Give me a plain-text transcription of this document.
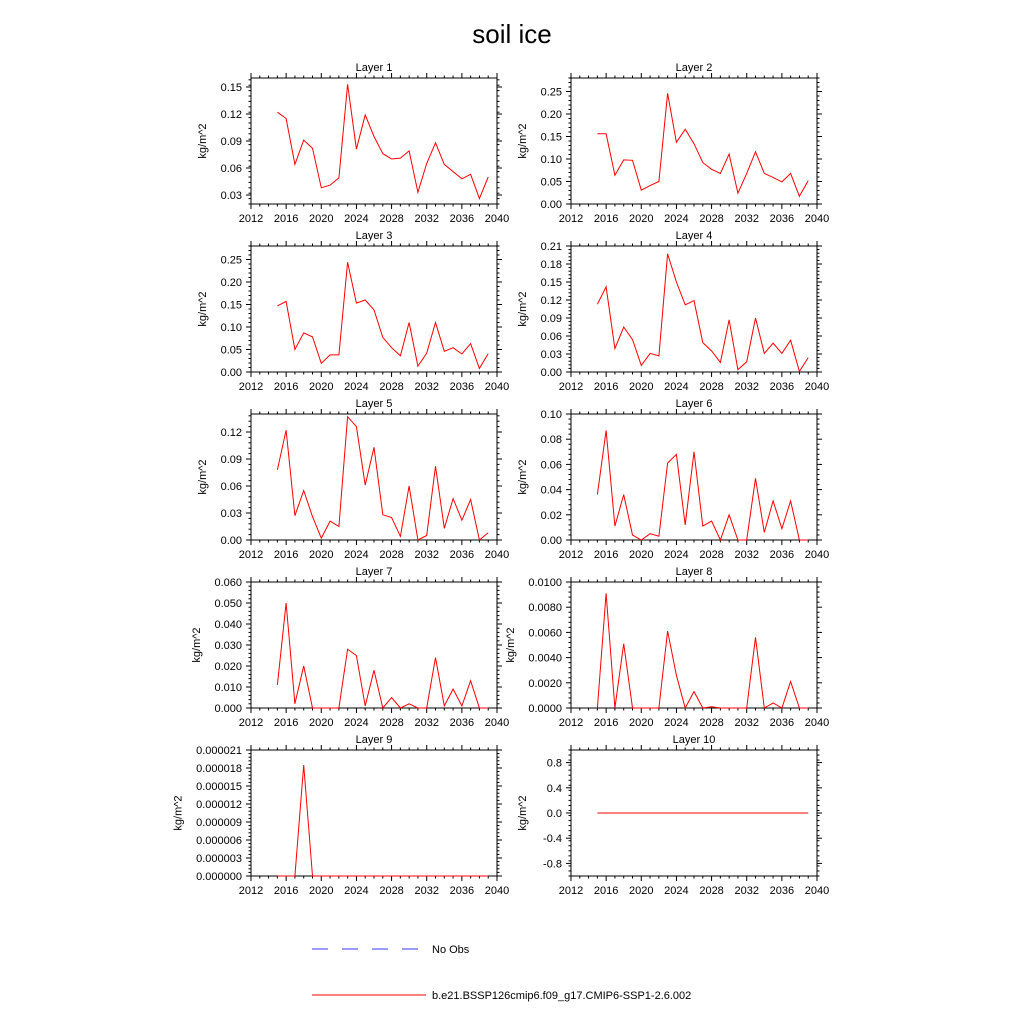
soil ice
Layer 1
2012 2016 2020 2024 2028 2032 2036 2040
0.03
0.06
0.09
0.12
0.15
kg/m^2
Layer 2
2012 2016 2020 2024 2028 2032 2036 2040
0.00
0.05
0.10
0.15
0.20
0.25
kg/m^2
Layer 3
2012 2016 2020 2024 2028 2032 2036 2040
0.00
0.05
0.10
0.15
0.20
0.25
kg/m^2
Layer 4
2012 2016 2020 2024 2028 2032 2036 2040
0.00
0.03
0.06
0.09
0.12
0.15
0.18
0.21
kg/m^2
Layer 5
2012 2016 2020 2024 2028 2032 2036 2040
0.00
0.03
0.06
0.09
0.12
kg/m^2
Layer 6
2012 2016 2020 2024 2028 2032 2036 2040
0.00
0.02
0.04
0.06
0.08
0.10
kg/m^2
Layer 7
2012 2016 2020 2024 2028 2032 2036 2040
0.000
0.010
0.020
0.030
0.040
0.050
0.060
kg/m^2
Layer 8
2012 2016 2020 2024 2028 2032 2036 2040
0.0000
0.0020
0.0040
0.0060
0.0080
0.0100
kg/m^2
Layer 9
2012 2016 2020 2024 2028 2032 2036 2040
0.000000
0.000003
0.000006
0.000009
0.000012
0.000015
0.000018
0.000021
kg/m^2
Layer 10
2012 2016 2020 2024 2028 2032 2036 2040
-0.8
-0.4
0.0
0.4
0.8
kg/m^2
No Obs
b.e21.BSSP126cmip6.f09_g17.CMIP6-SSP1-2.6.002
